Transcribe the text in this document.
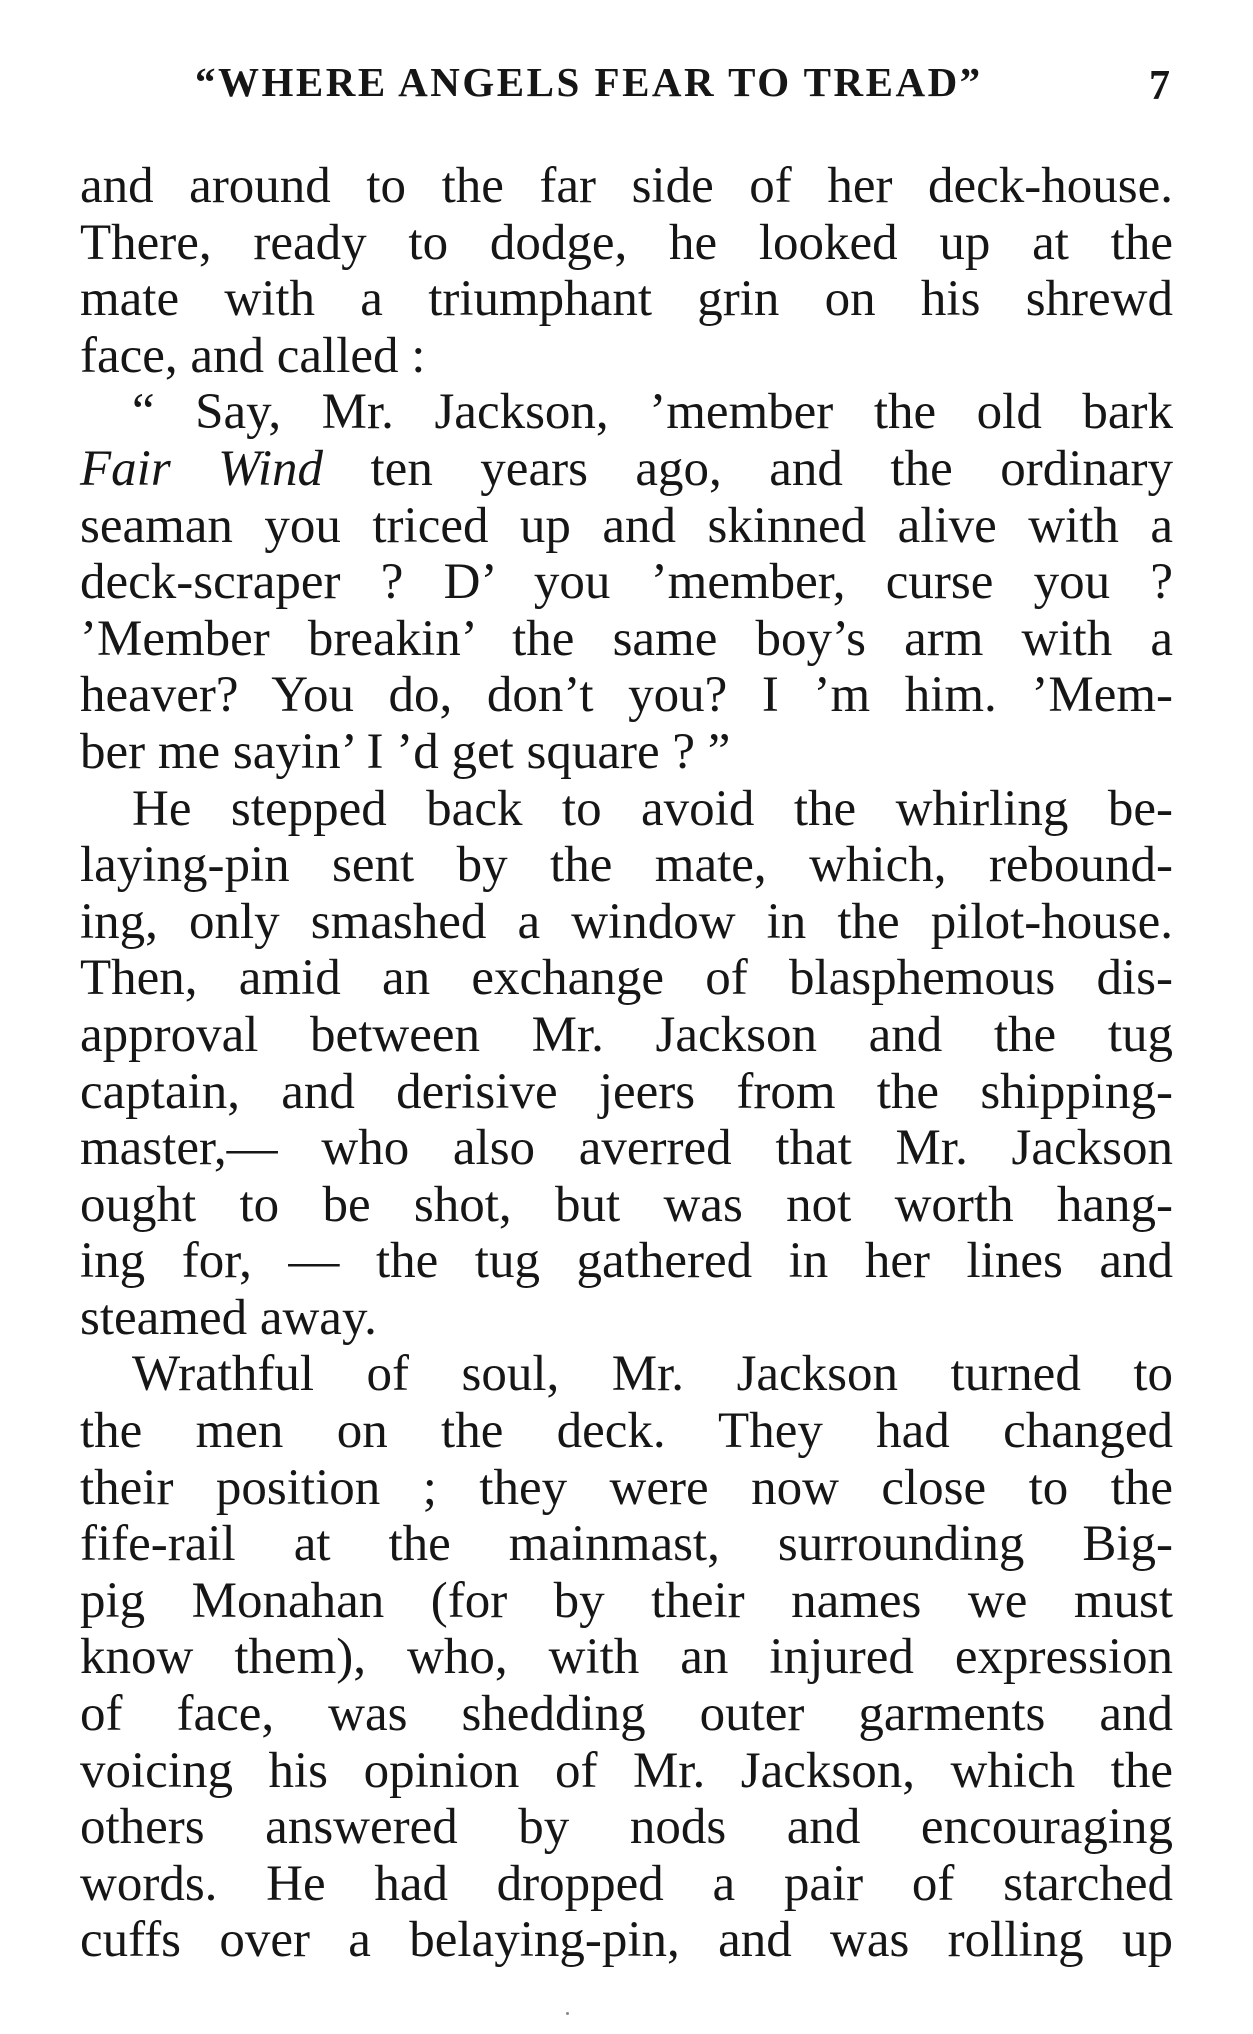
“WHERE ANGELS FEAR TO TREAD”	7
and around to the far side of her deck-house.
There, ready to dodge, he looked up at the
mate with a triumphant grin on his shrewd
face, and called :
“ Say, Mr. Jackson, ’member the old bark
Fair Wind ten years ago, and the ordinary
seaman you triced up and skinned alive with a
deck-scraper ? D’ you ’member, curse you ?
’Member breakin’ the same boy’s arm with a
heaver? You do, don’t you? I ’m him. ’Mem-
ber me sayin’ I ’d get square ? ”
He stepped back to avoid the whirling be-
laying-pin sent by the mate, which, rebound-
ing, only smashed a window in the pilot-house.
Then, amid an exchange of blasphemous dis-
approval between Mr. Jackson and the tug
captain, and derisive jeers from the shipping-
master,— who also averred that Mr. Jackson
ought to be shot, but was not worth hang-
ing for, — the tug gathered in her lines and
steamed away.
Wrathful of soul, Mr. Jackson turned to
the men on the deck. They had changed
their position ; they were now close to the
fife-rail at the mainmast, surrounding Big-
pig Monahan (for by their names we must
know them), who, with an injured expression
of face, was shedding outer garments and
voicing his opinion of Mr. Jackson, which the
others answered by nods and encouraging
words. He had dropped a pair of starched
cuffs over a belaying-pin, and was rolling up
